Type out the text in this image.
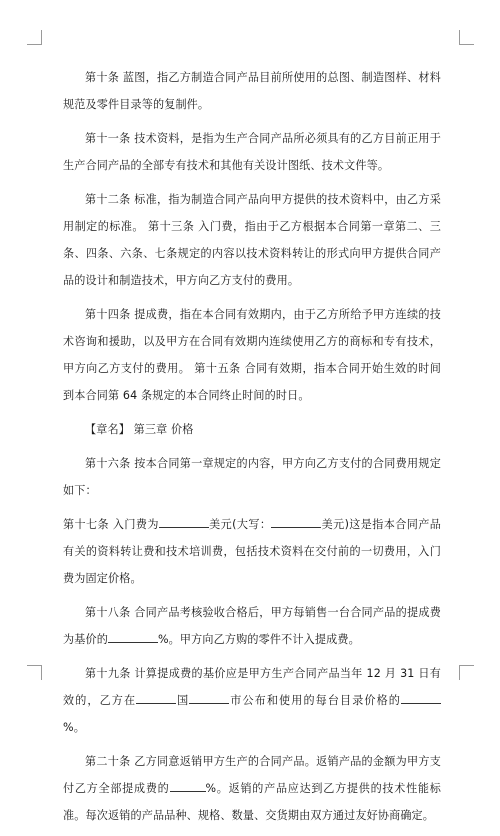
第十条 蓝图，指乙方制造合同产品目前所使用的总图、制造图样、材料规范及零件目录等的复制件。

第十一条 技术资料，是指为生产合同产品所必须具有的乙方目前正用于生产合同产品的全部专有技术和其他有关设计图纸、技术文件等。

第十二条 标准，指为制造合同产品向甲方提供的技术资料中，由乙方采用制定的标准。 第十三条 入门费，指由于乙方根据本合同第一章第二、三条、四条、六条、七条规定的内容以技术资料转让的形式向甲方提供合同产品的设计和制造技术，甲方向乙方支付的费用。

第十四条 提成费，指在本合同有效期内，由于乙方所给予甲方连续的技术咨询和援助，以及甲方在合同有效期内连续使用乙方的商标和专有技术，甲方向乙方支付的费用。 第十五条 合同有效期，指本合同开始生效的时间到本合同第 64 条规定的本合同终止时间的时日。

【章名】 第三章 价格

第十六条 按本合同第一章规定的内容，甲方向乙方支付的合同费用规定如下：

第十七条 入门费为	美元(大写：	美元)这是指本合同产品有关的资料转让费和技术培训费，包括技术资料在交付前的一切费用，入门费为固定价格。

第十八条 合同产品考核验收合格后，甲方每销售一台合同产品的提成费为基价的	%。甲方向乙方购的零件不计入提成费。

第十九条 计算提成费的基价应是甲方生产合同产品当年 12 月 31 日有效的，乙方在	国	市公布和使用的每台目录价格的%。

第二十条 乙方同意返销甲方生产的合同产品。返销产品的金额为甲方支付乙方全部提成费的	%。返销的产品应达到乙方提供的技术性能标准。每次返销的产品品种、规格、数量、交货期由双方通过友好协商确定。
